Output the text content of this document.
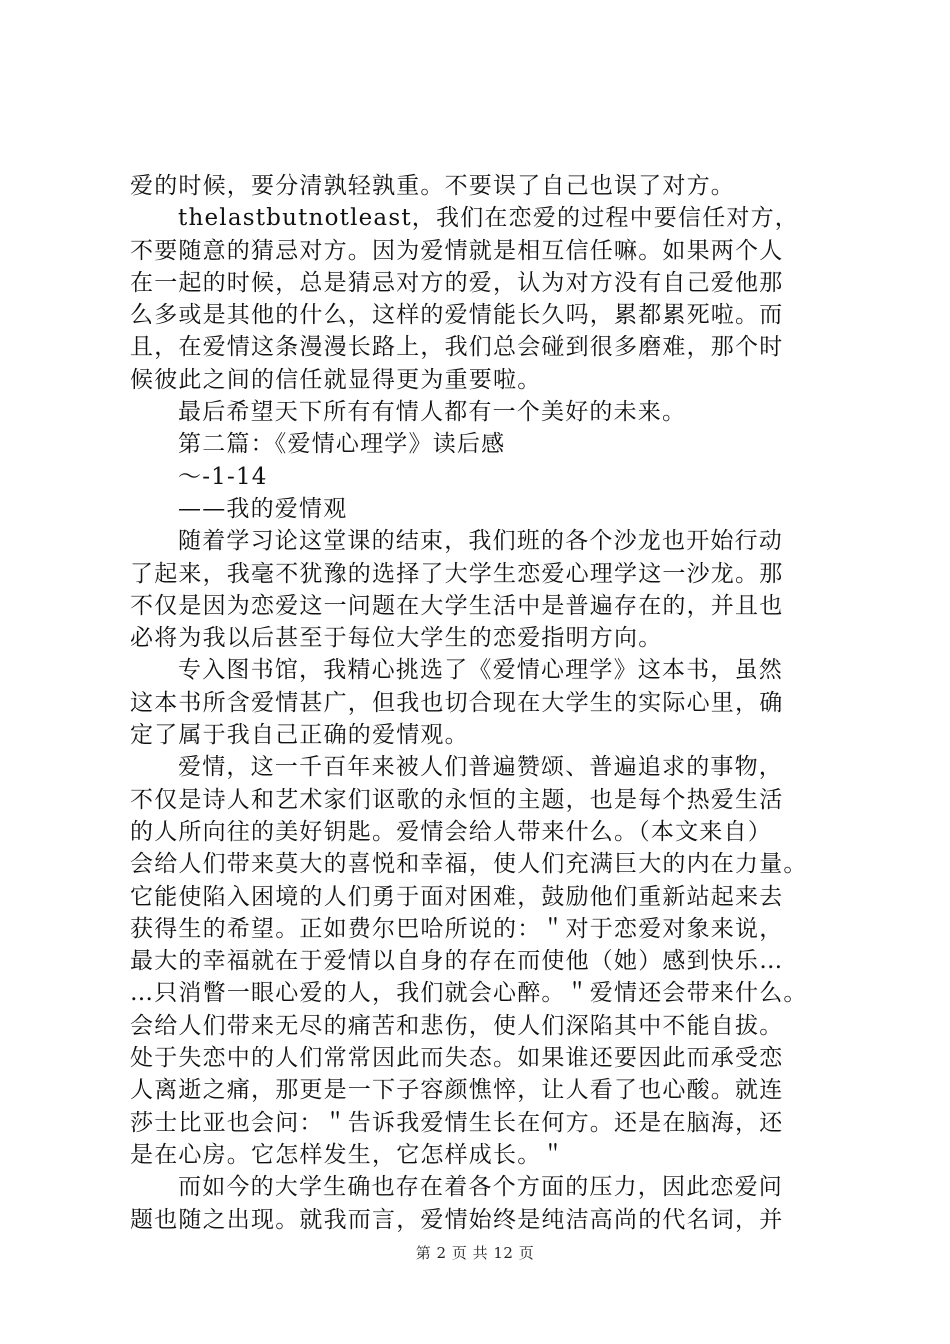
爱的时候，要分清孰轻孰重。不要误了自己也误了对方。
thelastbutnotleast，我们在恋爱的过程中要信任对方，
不要随意的猜忌对方。因为爱情就是相互信任嘛。如果两个人
在一起的时候，总是猜忌对方的爱，认为对方没有自己爱他那
么多或是其他的什么，这样的爱情能长久吗，累都累死啦。而
且，在爱情这条漫漫长路上，我们总会碰到很多磨难，那个时
候彼此之间的信任就显得更为重要啦。
最后希望天下所有有情人都有一个美好的未来。
第二篇：《爱情心理学》读后感
～-1-14
——我的爱情观
随着学习论这堂课的结束，我们班的各个沙龙也开始行动
了起来，我毫不犹豫的选择了大学生恋爱心理学这一沙龙。那
不仅是因为恋爱这一问题在大学生活中是普遍存在的，并且也
必将为我以后甚至于每位大学生的恋爱指明方向。
专入图书馆，我精心挑选了《爱情心理学》这本书，虽然
这本书所含爱情甚广，但我也切合现在大学生的实际心里，确
定了属于我自己正确的爱情观。
爱情，这一千百年来被人们普遍赞颂、普遍追求的事物，
不仅是诗人和艺术家们讴歌的永恒的主题，也是每个热爱生活
的人所向往的美好钥匙。爱情会给人带来什么。（本文来自）
会给人们带来莫大的喜悦和幸福，使人们充满巨大的内在力量。
它能使陷入困境的人们勇于面对困难，鼓励他们重新站起来去
获得生的希望。正如费尔巴哈所说的：＂对于恋爱对象来说，
最大的幸福就在于爱情以自身的存在而使他（她）感到快乐…
…只消瞥一眼心爱的人，我们就会心醉。＂爱情还会带来什么。
会给人们带来无尽的痛苦和悲伤，使人们深陷其中不能自拔。
处于失恋中的人们常常因此而失态。如果谁还要因此而承受恋
人离逝之痛，那更是一下子容颜憔悴，让人看了也心酸。就连
莎士比亚也会问：＂告诉我爱情生长在何方。还是在脑海，还
是在心房。它怎样发生，它怎样成长。＂
而如今的大学生确也存在着各个方面的压力，因此恋爱问
题也随之出现。就我而言，爱情始终是纯洁高尚的代名词，并
第 2 页 共 12 页
